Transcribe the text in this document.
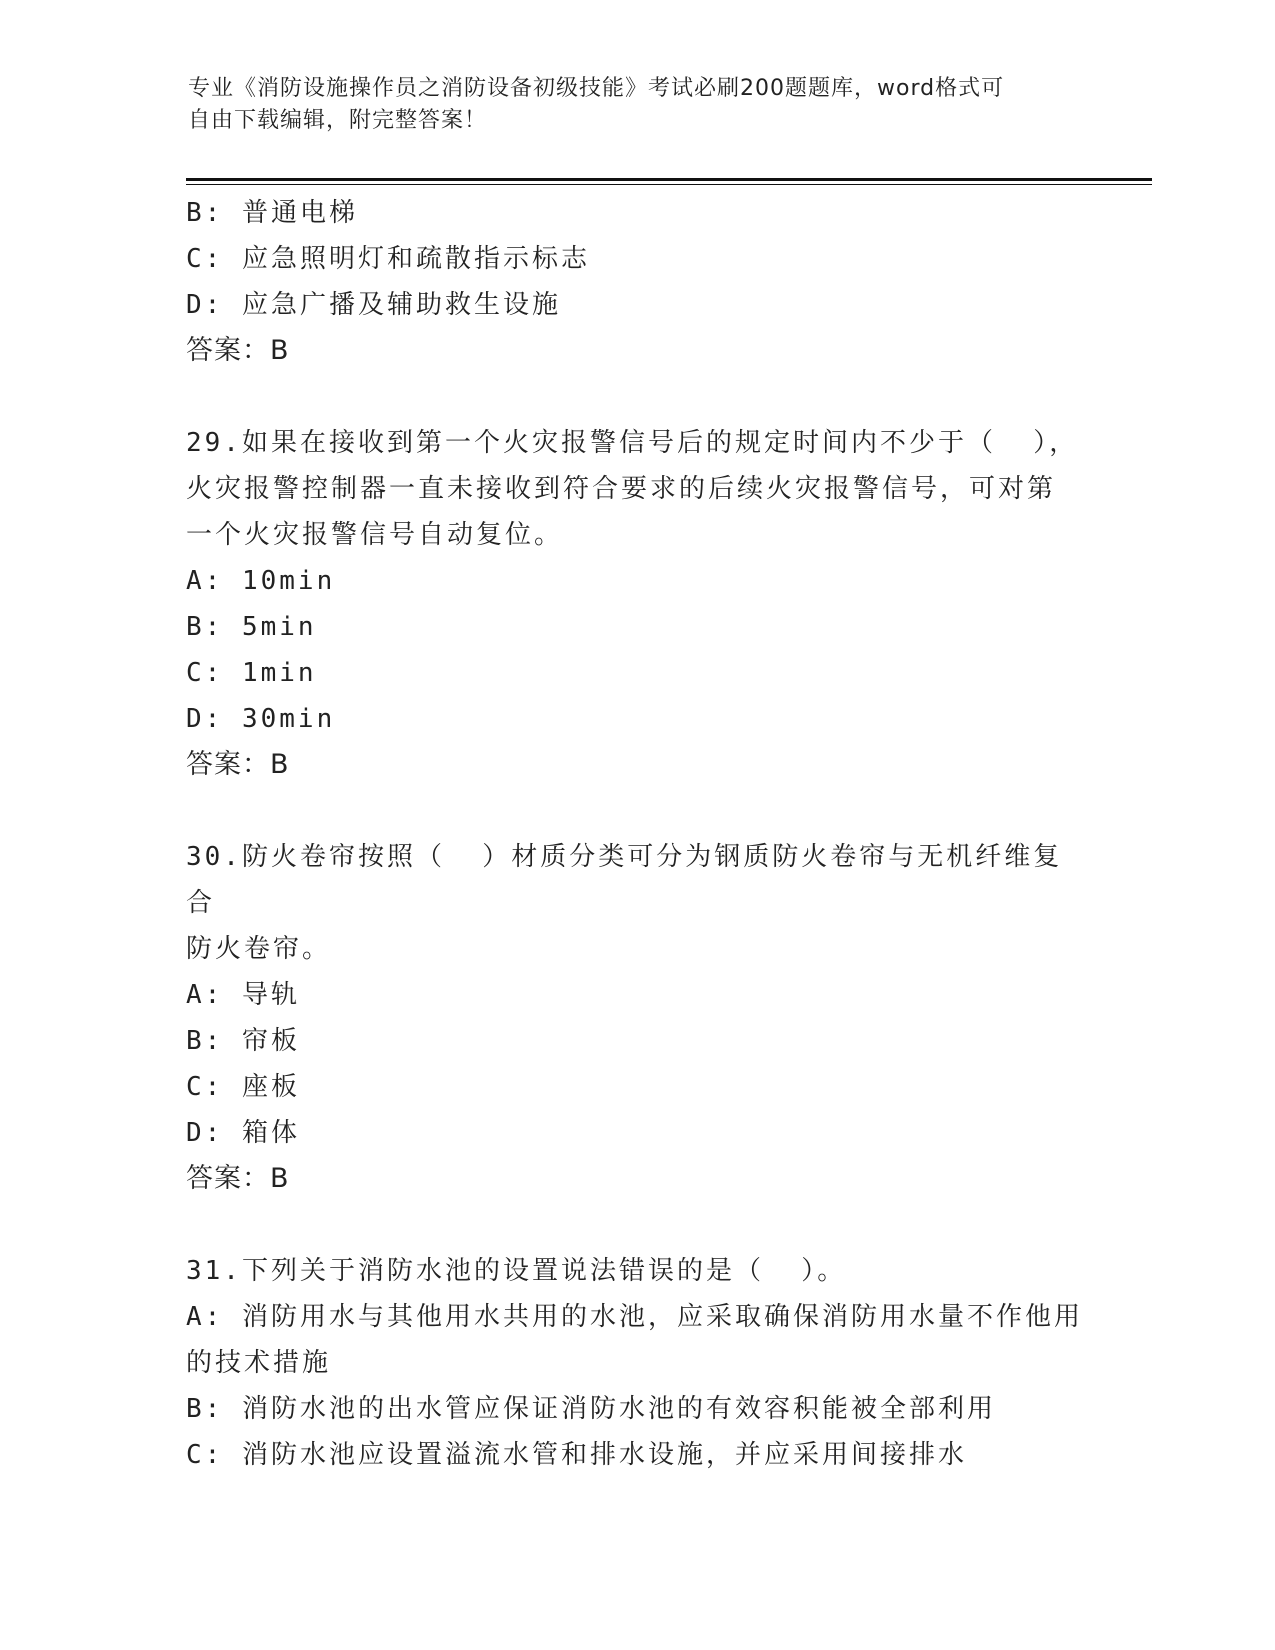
专业《消防设施操作员之消防设备初级技能》考试必刷200题题库，word格式可
自由下载编辑，附完整答案！
B: 普通电梯
C: 应急照明灯和疏散指示标志
D: 应急广播及辅助救生设施
答案：B
29.如果在接收到第一个火灾报警信号后的规定时间内不少于（  ），
火灾报警控制器一直未接收到符合要求的后续火灾报警信号，可对第
一个火灾报警信号自动复位。
A: 10min
B: 5min
C: 1min
D: 30min
答案：B
30.防火卷帘按照（  ）材质分类可分为钢质防火卷帘与无机纤维复合
防火卷帘。
A: 导轨
B: 帘板
C: 座板
D: 箱体
答案：B
31.下列关于消防水池的设置说法错误的是（  ）。
A: 消防用水与其他用水共用的水池，应采取确保消防用水量不作他用
的技术措施
B: 消防水池的出水管应保证消防水池的有效容积能被全部利用
C: 消防水池应设置溢流水管和排水设施，并应采用间接排水
